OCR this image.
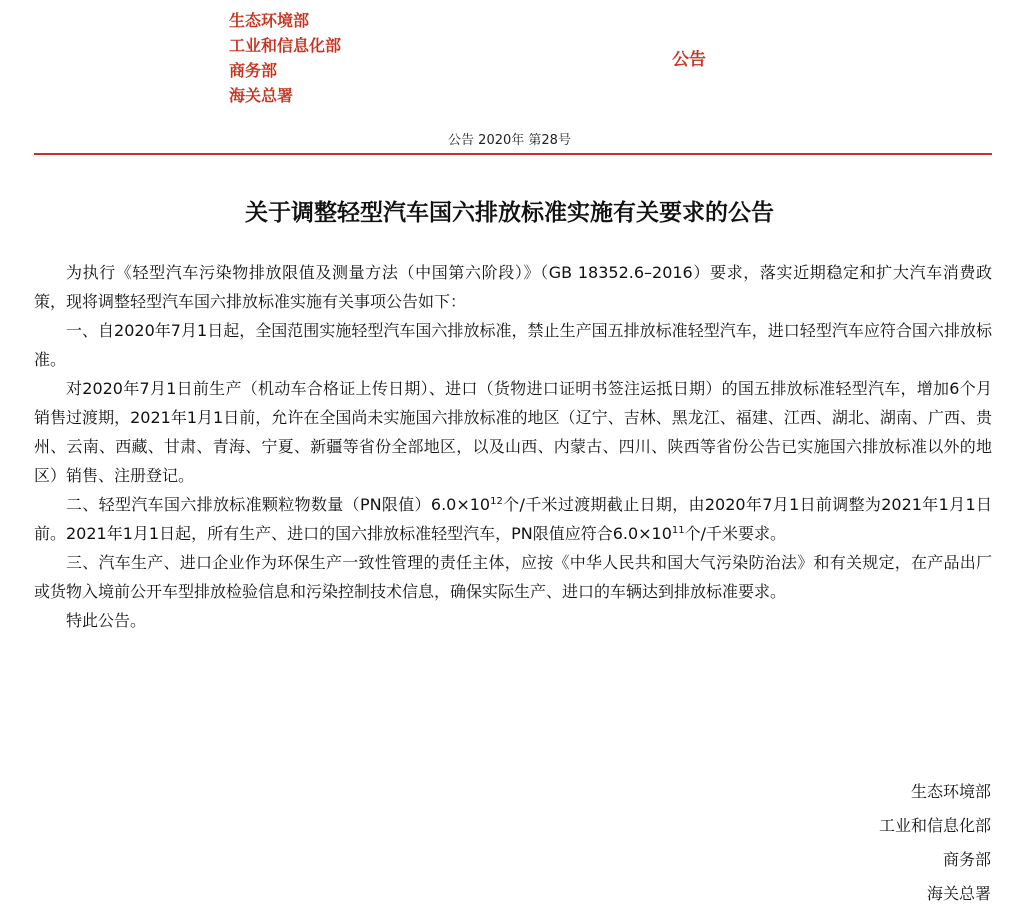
生态环境部
工业和信息化部
商务部
海关总署
公告
公告 2020年 第28号
关于调整轻型汽车国六排放标准实施有关要求的公告

为执行《轻型汽车污染物排放限值及测量方法（中国第六阶段）》（GB 18352.6–2016）要求，落实近期稳定和扩大汽车消费政策，现将调整轻型汽车国六排放标准实施有关事项公告如下：

一、自2020年7月1日起，全国范围实施轻型汽车国六排放标准，禁止生产国五排放标准轻型汽车，进口轻型汽车应符合国六排放标准。

对2020年7月1日前生产（机动车合格证上传日期）、进口（货物进口证明书签注运抵日期）的国五排放标准轻型汽车，增加6个月销售过渡期，2021年1月1日前，允许在全国尚未实施国六排放标准的地区（辽宁、吉林、黑龙江、福建、江西、湖北、湖南、广西、贵州、云南、西藏、甘肃、青海、宁夏、新疆等省份全部地区，以及山西、内蒙古、四川、陕西等省份公告已实施国六排放标准以外的地区）销售、注册登记。

二、轻型汽车国六排放标准颗粒物数量（PN限值）$6.0\times 10^{12}$个/千米过渡期截止日期，由2020年7月1日前调整为2021年1月1日前。2021年1月1日起，所有生产、进口的国六排放标准轻型汽车，PN限值应符合$6.0\times 10^{11}$个/千米要求。

三、汽车生产、进口企业作为环保生产一致性管理的责任主体，应按《中华人民共和国大气污染防治法》和有关规定，在产品出厂或货物入境前公开车型排放检验信息和污染控制技术信息，确保实际生产、进口的车辆达到排放标准要求。

特此公告。

生态环境部
工业和信息化部
商务部
海关总署
